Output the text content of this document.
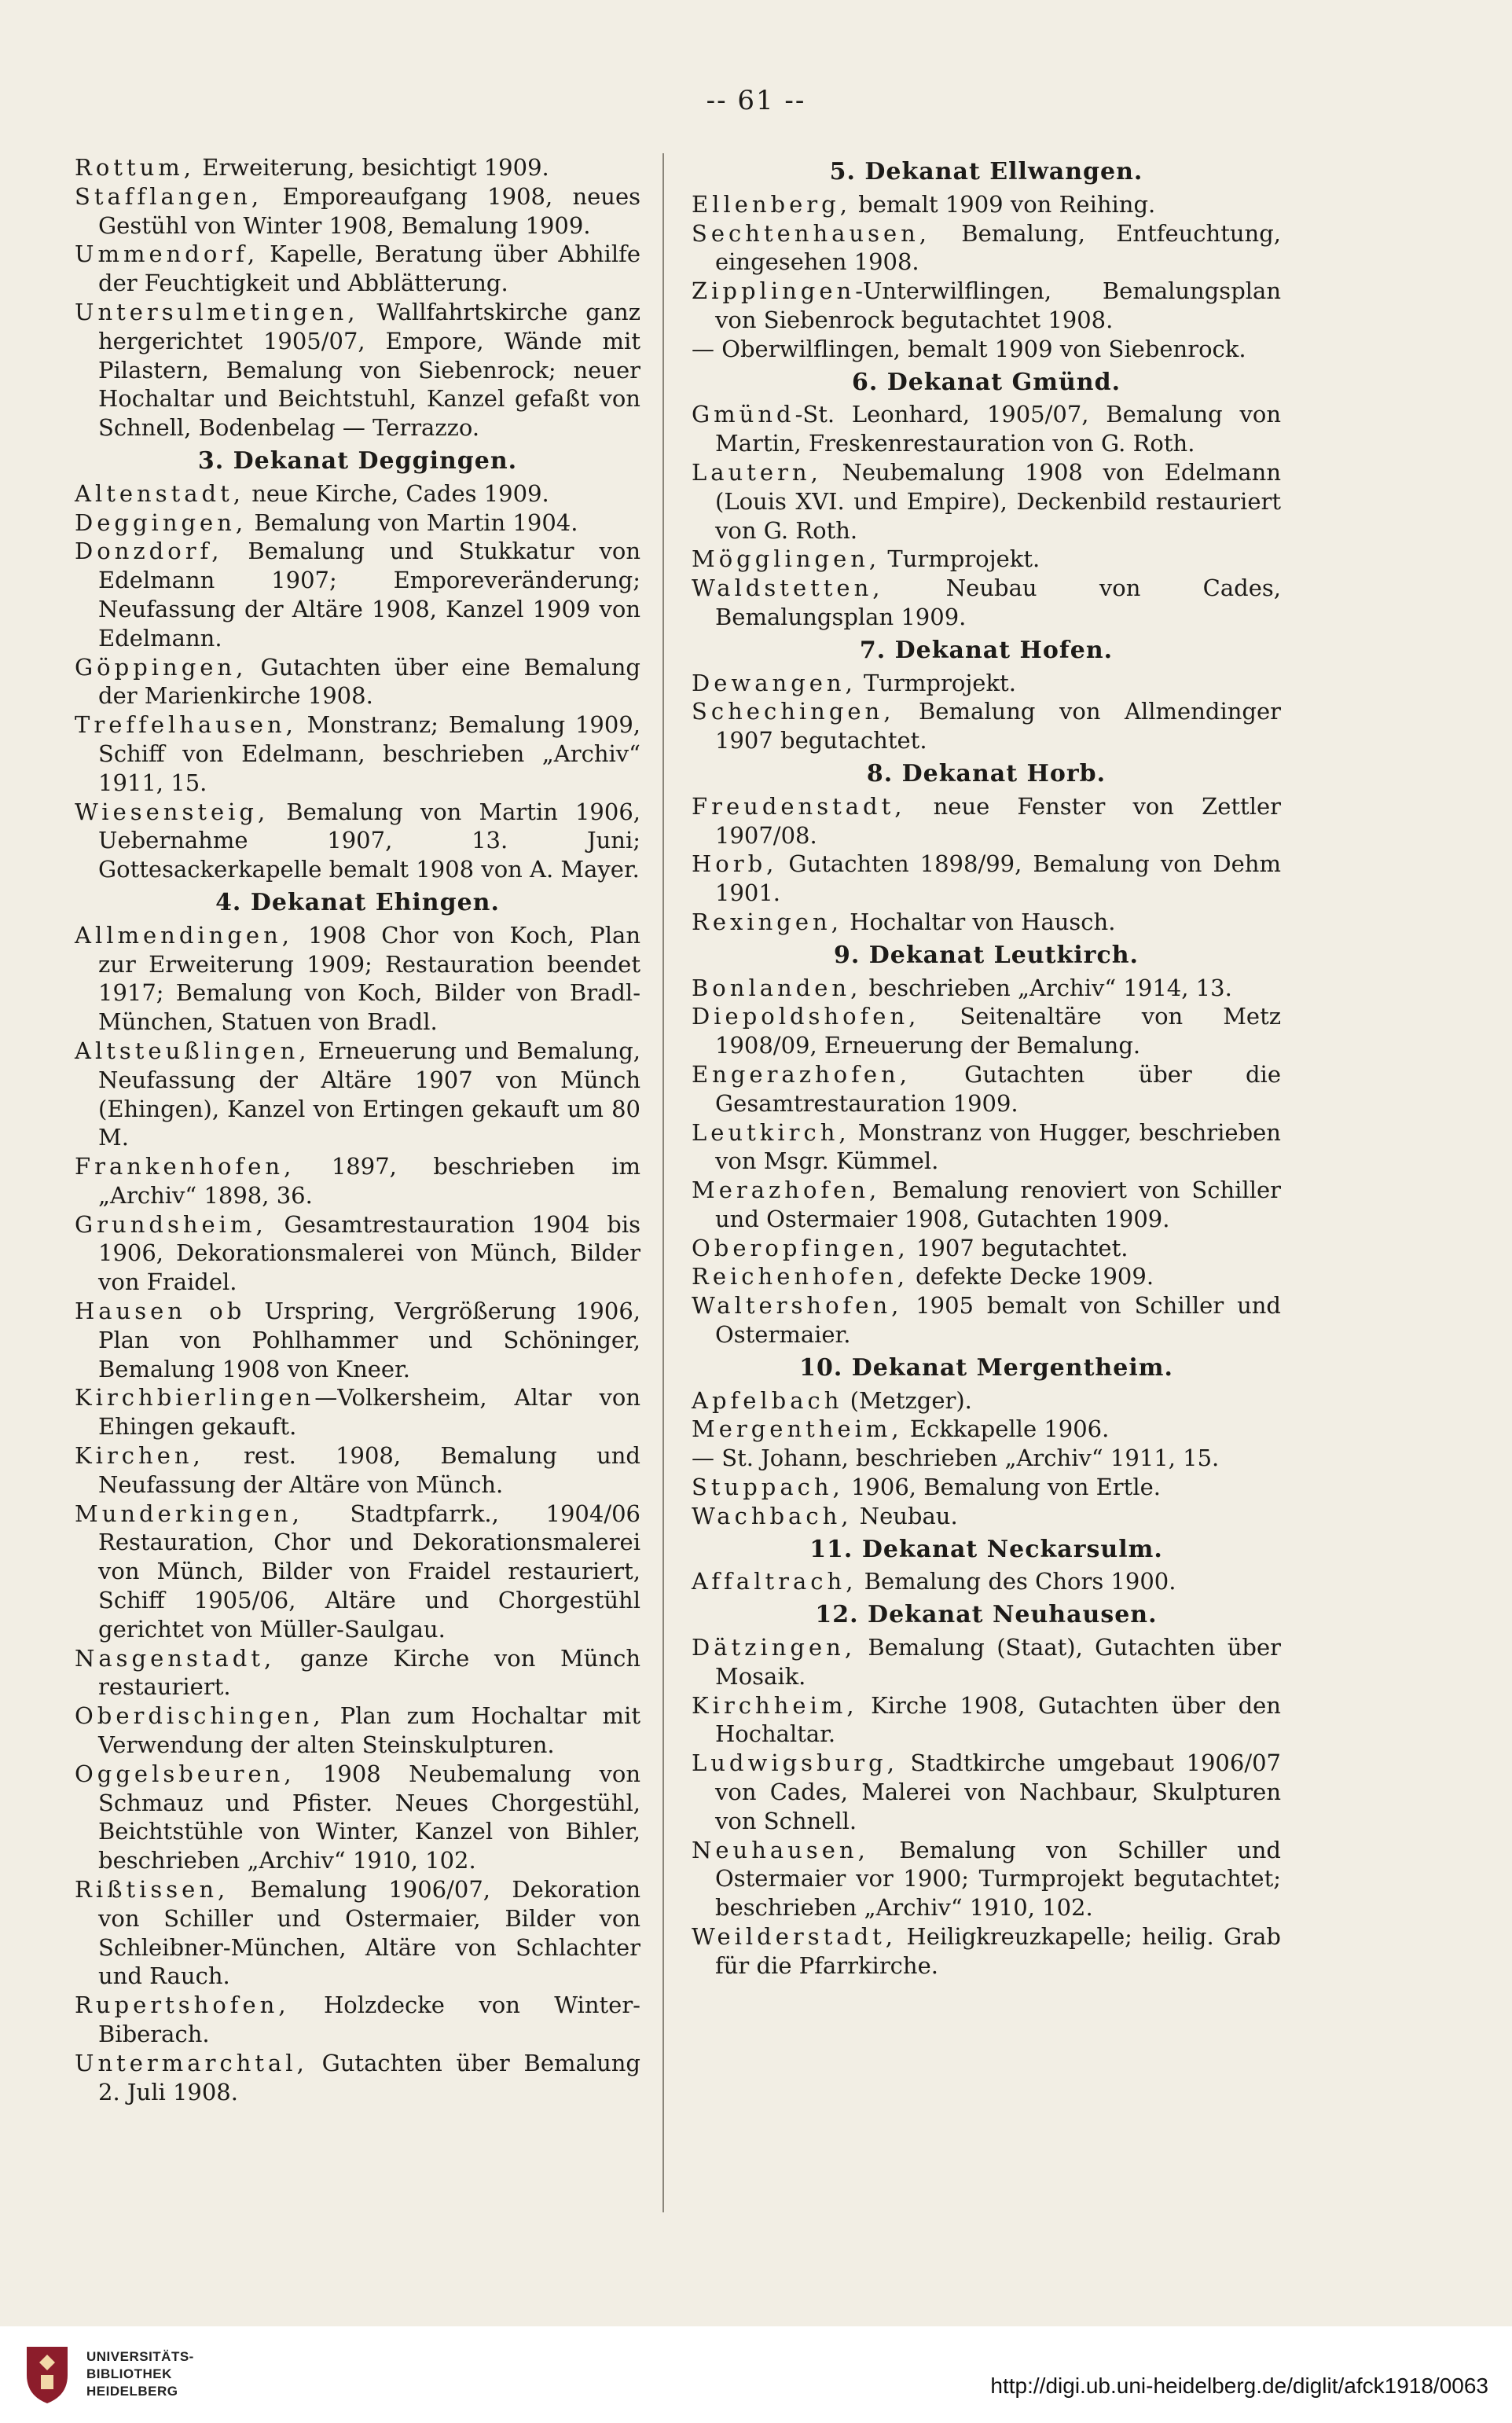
-- 61 --
Rottum, Erweiterung, besichtigt 1909.
Stafflangen, Emporeaufgang 1908, neues Gestühl von Winter 1908, Bemalung 1909.
Ummendorf, Kapelle, Beratung über Abhilfe der Feuchtigkeit und Abblätterung.
Untersulmetingen, Wallfahrtskirche ganz hergerichtet 1905/07, Empore, Wände mit Pilastern, Bemalung von Siebenrock; neuer Hochaltar und Beichtstuhl, Kanzel gefaßt von Schnell, Bodenbelag — Terrazzo.
3. Dekanat Deggingen.
Altenstadt, neue Kirche, Cades 1909.
Deggingen, Bemalung von Martin 1904.
Donzdorf, Bemalung und Stukkatur von Edelmann 1907; Emporeveränderung; Neufassung der Altäre 1908, Kanzel 1909 von Edelmann.
Göppingen, Gutachten über eine Bemalung der Marienkirche 1908.
Treffelhausen, Monstranz; Bemalung 1909, Schiff von Edelmann, beschrieben „Archiv“ 1911, 15.
Wiesensteig, Bemalung von Martin 1906, Uebernahme 1907, 13. Juni; Gottesackerkapelle bemalt 1908 von A. Mayer.
4. Dekanat Ehingen.
Allmendingen, 1908 Chor von Koch, Plan zur Erweiterung 1909; Restauration beendet 1917; Bemalung von Koch, Bilder von Bradl-München, Statuen von Bradl.
Altsteußlingen, Erneuerung und Bemalung, Neufassung der Altäre 1907 von Münch (Ehingen), Kanzel von Ertingen gekauft um 80 M.
Frankenhofen, 1897, beschrieben im „Archiv“ 1898, 36.
Grundsheim, Gesamtrestauration 1904 bis 1906, Dekorationsmalerei von Münch, Bilder von Fraidel.
Hausen ob Urspring, Vergrößerung 1906, Plan von Pohlhammer und Schöninger, Bemalung 1908 von Kneer.
Kirchbierlingen—Volkersheim, Altar von Ehingen gekauft.
Kirchen, rest. 1908, Bemalung und Neufassung der Altäre von Münch.
Munderkingen, Stadtpfarrk., 1904/06 Restauration, Chor und Dekorationsmalerei von Münch, Bilder von Fraidel restauriert, Schiff 1905/06, Altäre und Chorgestühl gerichtet von Müller-Saulgau.
Nasgenstadt, ganze Kirche von Münch restauriert.
Oberdischingen, Plan zum Hochaltar mit Verwendung der alten Steinskulpturen.
Oggelsbeuren, 1908 Neubemalung von Schmauz und Pfister. Neues Chorgestühl, Beichtstühle von Winter, Kanzel von Bihler, beschrieben „Archiv“ 1910, 102.
Rißtissen, Bemalung 1906/07, Dekoration von Schiller und Ostermaier, Bilder von Schleibner-München, Altäre von Schlachter und Rauch.
Rupertshofen, Holzdecke von Winter-Biberach.
Untermarchtal, Gutachten über Bemalung 2. Juli 1908.
5. Dekanat Ellwangen.
Ellenberg, bemalt 1909 von Reihing.
Sechtenhausen, Bemalung, Entfeuchtung, eingesehen 1908.
Zipplingen-Unterwilflingen, Bemalungsplan von Siebenrock begutachtet 1908.
— Oberwilflingen, bemalt 1909 von Siebenrock.
6. Dekanat Gmünd.
Gmünd-St. Leonhard, 1905/07, Bemalung von Martin, Freskenrestauration von G. Roth.
Lautern, Neubemalung 1908 von Edelmann (Louis XVI. und Empire), Deckenbild restauriert von G. Roth.
Mögglingen, Turmprojekt.
Waldstetten, Neubau von Cades, Bemalungsplan 1909.
7. Dekanat Hofen.
Dewangen, Turmprojekt.
Schechingen, Bemalung von Allmendinger 1907 begutachtet.
8. Dekanat Horb.
Freudenstadt, neue Fenster von Zettler 1907/08.
Horb, Gutachten 1898/99, Bemalung von Dehm 1901.
Rexingen, Hochaltar von Hausch.
9. Dekanat Leutkirch.
Bonlanden, beschrieben „Archiv“ 1914, 13.
Diepoldshofen, Seitenaltäre von Metz 1908/09, Erneuerung der Bemalung.
Engerazhofen, Gutachten über die Gesamtrestauration 1909.
Leutkirch, Monstranz von Hugger, beschrieben von Msgr. Kümmel.
Merazhofen, Bemalung renoviert von Schiller und Ostermaier 1908, Gutachten 1909.
Oberopfingen, 1907 begutachtet.
Reichenhofen, defekte Decke 1909.
Waltershofen, 1905 bemalt von Schiller und Ostermaier.
10. Dekanat Mergentheim.
Apfelbach (Metzger).
Mergentheim, Eckkapelle 1906.
— St. Johann, beschrieben „Archiv“ 1911, 15.
Stuppach, 1906, Bemalung von Ertle.
Wachbach, Neubau.
11. Dekanat Neckarsulm.
Affaltrach, Bemalung des Chors 1900.
12. Dekanat Neuhausen.
Dätzingen, Bemalung (Staat), Gutachten über Mosaik.
Kirchheim, Kirche 1908, Gutachten über den Hochaltar.
Ludwigsburg, Stadtkirche umgebaut 1906/07 von Cades, Malerei von Nachbaur, Skulpturen von Schnell.
Neuhausen, Bemalung von Schiller und Ostermaier vor 1900; Turmprojekt begutachtet; beschrieben „Archiv“ 1910, 102.
Weilderstadt, Heiligkreuzkapelle; heilig. Grab für die Pfarrkirche.
UNIVERSITÄTS-
BIBLIOTHEK
HEIDELBERG	http://digi.ub.uni-heidelberg.de/diglit/afck1918/0063
